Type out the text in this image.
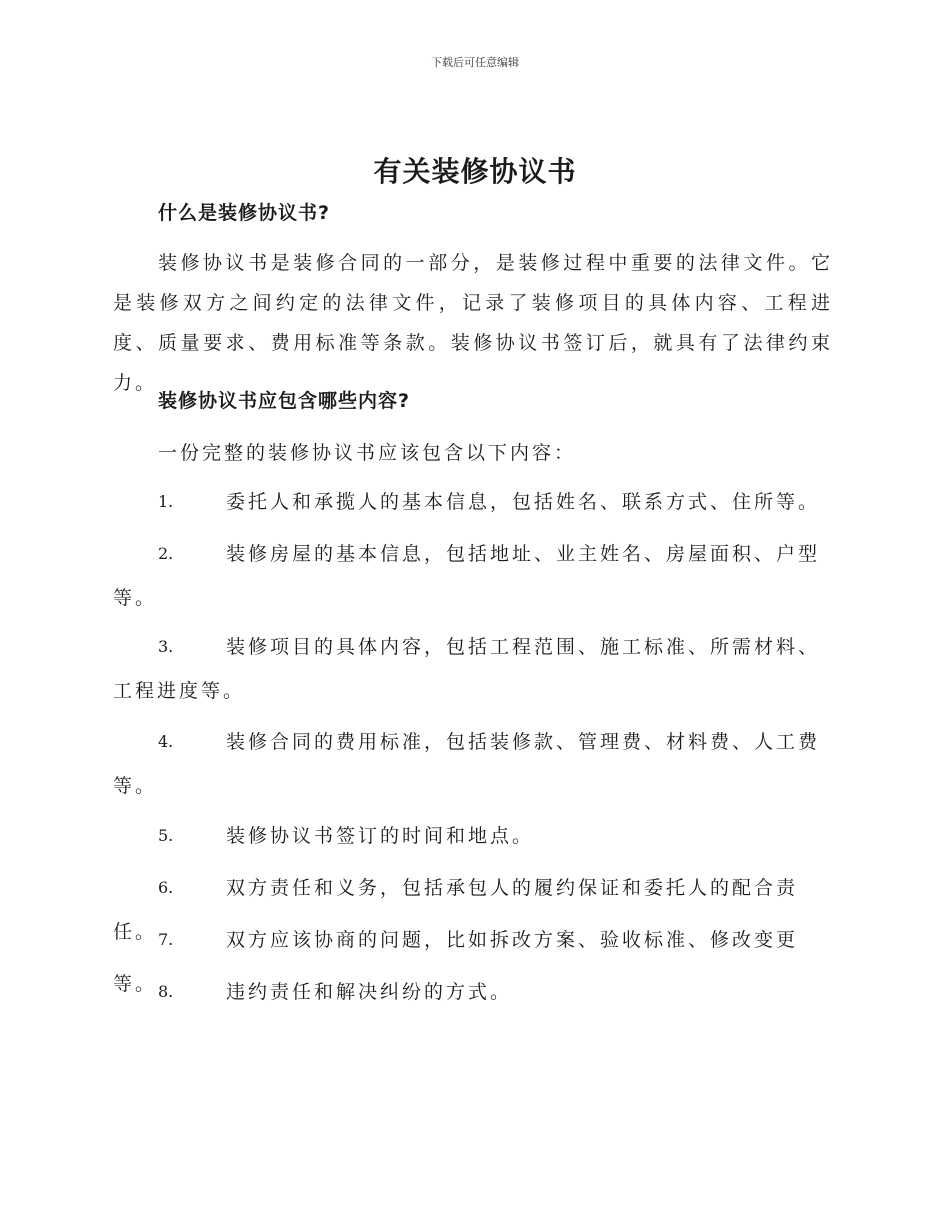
下载后可任意编辑
有关装修协议书
什么是装修协议书?
装修协议书是装修合同的一部分，是装修过程中重要的法律文件。它是装修双方之间约定的法律文件，记录了装修项目的具体内容、工程进度、质量要求、费用标准等条款。装修协议书签订后，就具有了法律约束力。
装修协议书应包含哪些内容?
一份完整的装修协议书应该包含以下内容：
1.	委托人和承揽人的基本信息，包括姓名、联系方式、住所等。
2.	装修房屋的基本信息，包括地址、业主姓名、房屋面积、户型等。
3.	装修项目的具体内容，包括工程范围、施工标准、所需材料、工程进度等。
4.	装修合同的费用标准，包括装修款、管理费、材料费、人工费等。
5.	装修协议书签订的时间和地点。
6.	双方责任和义务，包括承包人的履约保证和委托人的配合责任。 7.	双方应该协商的问题，比如拆改方案、验收标准、修改变更等。 8.	违约责任和解决纠纷的方式。
